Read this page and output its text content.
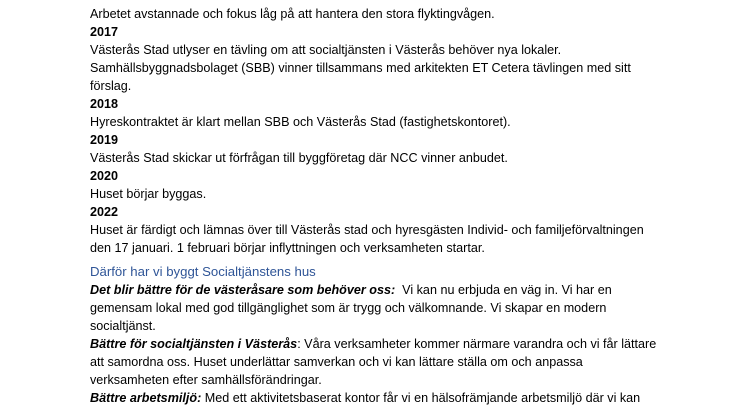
Arbetet avstannade och fokus låg på att hantera den stora flyktingvågen.
2017
Västerås Stad utlyser en tävling om att socialtjänsten i Västerås behöver nya lokaler.
Samhällsbyggnadsbolaget (SBB) vinner tillsammans med arkitekten ET Cetera tävlingen med sitt
förslag.
2018
Hyreskontraktet är klart mellan SBB och Västerås Stad (fastighetskontoret).
2019
Västerås Stad skickar ut förfrågan till byggföretag där NCC vinner anbudet.
2020
Huset börjar byggas.
2022
Huset är färdigt och lämnas över till Västerås stad och hyresgästen Individ- och familjeförvaltningen
den 17 januari. 1 februari börjar inflyttningen och verksamheten startar.
Därför har vi byggt Socialtjänstens hus
Det blir bättre för de västeråsare som behöver oss:  Vi kan nu erbjuda en väg in. Vi har en
gemensam lokal med god tillgänglighet som är trygg och välkomnande. Vi skapar en modern
socialtjänst.
Bättre för socialtjänsten i Västerås: Våra verksamheter kommer närmare varandra och vi får lättare
att samordna oss. Huset underlättar samverkan och vi kan lättare ställa om och anpassa
verksamheten efter samhällsförändringar.
Bättre arbetsmiljö: Med ett aktivitetsbaserat kontor får vi en hälsofrämjande arbetsmiljö där vi kan
